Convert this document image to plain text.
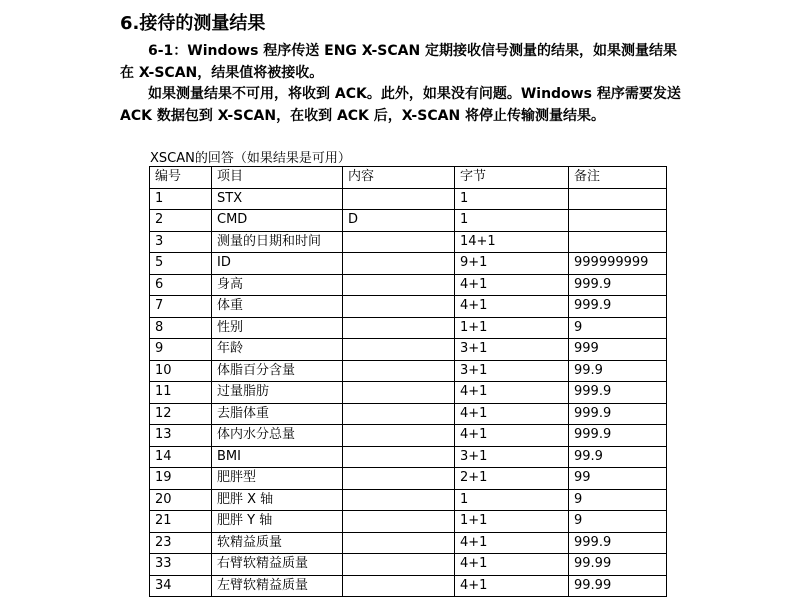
6.接待的测量结果

6-1：Windows 程序传送 ENG X-SCAN 定期接收信号测量的结果，如果测量结果在 X-SCAN，结果值将被接收。

如果测量结果不可用，将收到 ACK。此外，如果没有问题。Windows 程序需要发送 ACK 数据包到 X-SCAN，在收到 ACK 后，X-SCAN 将停止传输测量结果。

XSCAN的回答（如果结果是可用）

编号	项目	内容	字节	备注
1	STX		1	
2	CMD	D	1	
3	测量的日期和时间		14+1	
5	ID		9+1	999999999
6	身高		4+1	999.9
7	体重		4+1	999.9
8	性别		1+1	9
9	年龄		3+1	999
10	体脂百分含量		3+1	99.9
11	过量脂肪		4+1	999.9
12	去脂体重		4+1	999.9
13	体内水分总量		4+1	999.9
14	BMI		3+1	99.9
19	肥胖型		2+1	99
20	肥胖 X 轴		1	9
21	肥胖 Y 轴		1+1	9
23	软精益质量		4+1	999.9
33	右臂软精益质量		4+1	99.99
34	左臂软精益质量		4+1	99.99
